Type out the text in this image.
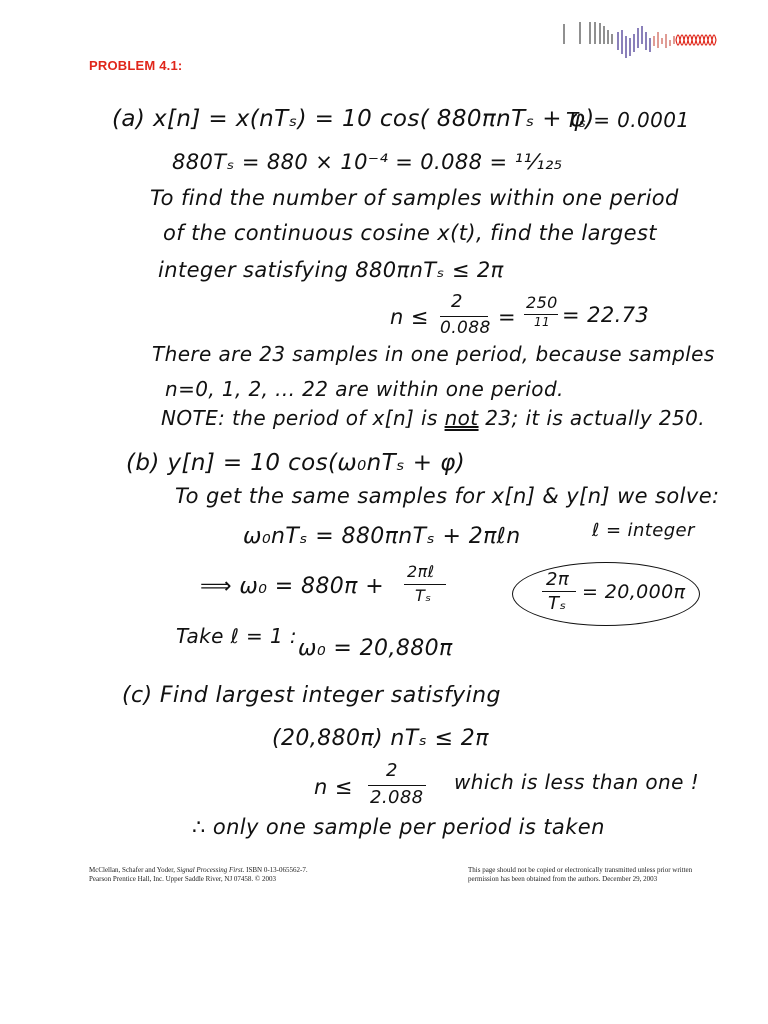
PROBLEM 4.1:
(a) x[n] = x(nTₛ) = 10 cos( 880πnTₛ + φ)
Tₛ = 0.0001
880Tₛ = 880 × 10⁻⁴ = 0.088 = ¹¹⁄₁₂₅
To find the number of samples within one period
of the continuous cosine x(t), find the largest
integer satisfying 880πnTₛ ≤ 2π
n ≤
2
0.088 =
250
11 = 22.73
There are 23 samples in one period, because samples
n=0, 1, 2, ... 22 are within one period.
NOTE: the period of x[n] is not 23; it is actually 250.
(b) y[n] = 10 cos(ω₀nTₛ + φ)
To get the same samples for x[n] & y[n] we solve:
ω₀nTₛ = 880πnTₛ + 2πℓn	ℓ = integer
⟹ ω₀ = 880π +
2πℓ
Tₛ
2π
Tₛ
= 20,000π
Take ℓ = 1 : ω₀ = 20,880π
(c) Find largest integer satisfying
(20,880π) nTₛ ≤ 2π
n ≤
2
2.088
which is less than one !
∴ only one sample per period is taken
McClellan, Schafer and Yoder, Signal Processing First. ISBN 0-13-065562-7.
Pearson Prentice Hall, Inc. Upper Saddle River, NJ 07458. © 2003
This page should not be copied or electronically transmitted unless prior written
permission has been obtained from the authors. December 29, 2003
